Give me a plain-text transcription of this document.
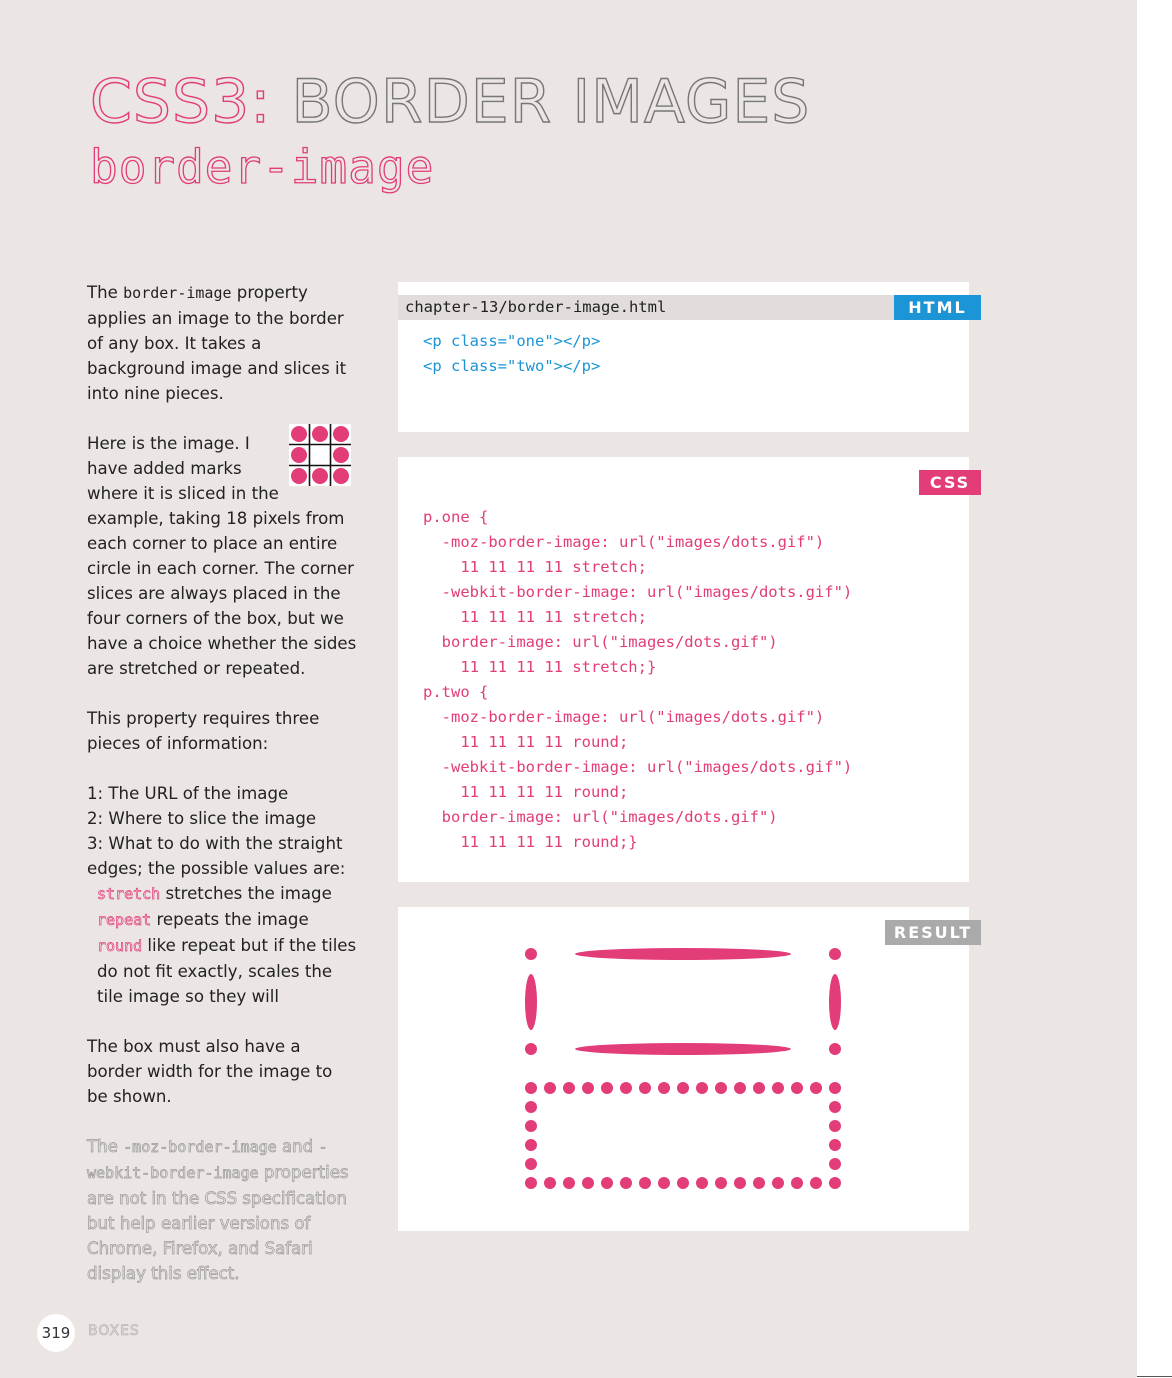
CSS3: BORDER IMAGES
border-image

The border-image property applies an image to the border of any box. It takes a background image and slices it into nine pieces.

Here is the image. I have added marks where it is sliced in the example, taking 18 pixels from each corner to place an entire circle in each corner. The corner slices are always placed in the four corners of the box, but we have a choice whether the sides are stretched or repeated.

This property requires three pieces of information:

1: The URL of the image
2: Where to slice the image
3: What to do with the straight edges; the possible values are:
stretch stretches the image
repeat repeats the image
round like repeat but if the tiles do not fit exactly, scales the tile image so they will

The box must also have a border width for the image to be shown.

The -moz-border-image and -webkit-border-image properties are not in the CSS specification but help earlier versions of Chrome, Firefox, and Safari display this effect.

chapter-13/border-image.html	HTML
<p class="one"></p>
<p class="two"></p>
CSS
p.one {
-moz-border-image: url("images/dots.gif")
11 11 11 11 stretch;
-webkit-border-image: url("images/dots.gif")
11 11 11 11 stretch;
border-image: url("images/dots.gif")
11 11 11 11 stretch;}
p.two {
-moz-border-image: url("images/dots.gif")
11 11 11 11 round;
-webkit-border-image: url("images/dots.gif")
11 11 11 11 round;
border-image: url("images/dots.gif")
11 11 11 11 round;}
RESULT
319	BOXES
